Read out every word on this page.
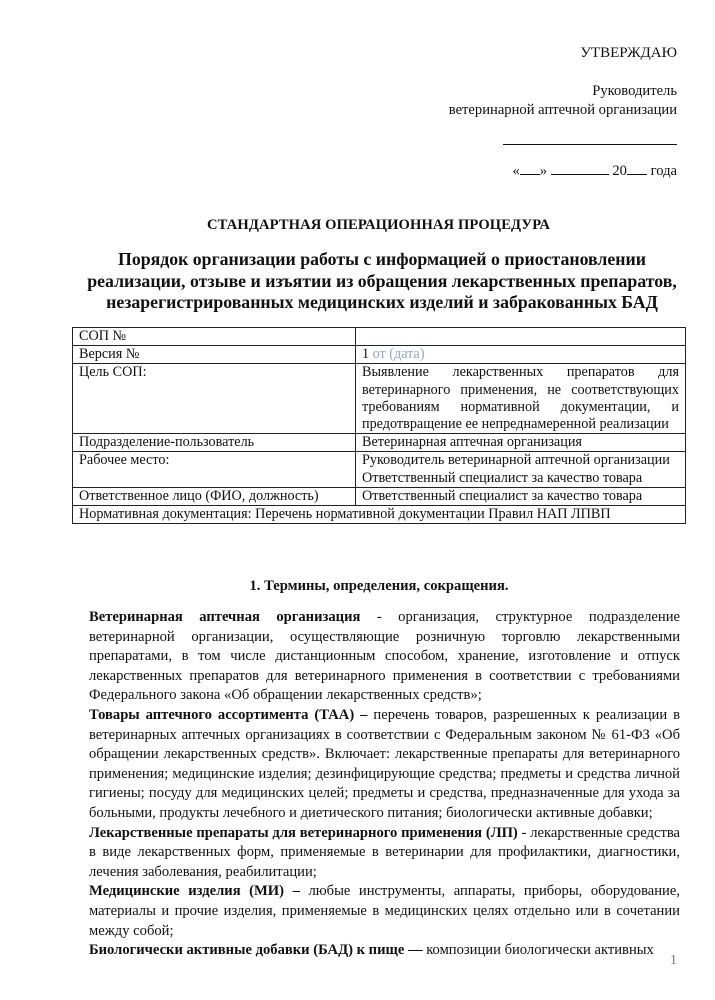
УТВЕРЖДАЮ
Руководитель
ветеринарной аптечной организации
« »	20 года
СТАНДАРТНАЯ ОПЕРАЦИОННАЯ ПРОЦЕДУРА
Порядок организации работы с информацией о приостановлении реализации, отзыве и изъятии из обращения лекарственных препаратов, незарегистрированных медицинских изделий и забракованных БАД
СОП №	
Версия №	1 от (дата)
Цель СОП:	Выявление лекарственных препаратов для ветеринарного применения, не соответствующих требованиям нормативной документации, и предотвращение ее непреднамеренной реализации
Подразделение-пользователь	Ветеринарная аптечная организация
Рабочее место:	Руководитель ветеринарной аптечной организации
Ответственный специалист за качество товара

Ответственное лицо (ФИО, должность)	Ответственный специалист за качество товара
Нормативная документация: Перечень нормативной документации Правил НАП ЛПВП	
1. Термины, определения, сокращения.

Ветеринарная аптечная организация - организация, структурное подразделение ветеринарной организации, осуществляющие розничную торговлю лекарственными препаратами, в том числе дистанционным способом, хранение, изготовление и отпуск лекарственных препаратов для ветеринарного применения в соответствии с требованиями Федерального закона «Об обращении лекарственных средств»;

Товары аптечного ассортимента (ТАА) – перечень товаров, разрешенных к реализации в ветеринарных аптечных организациях в соответствии с Федеральным законом № 61-ФЗ «Об обращении лекарственных средств». Включает: лекарственные препараты для ветеринарного применения; медицинские изделия; дезинфицирующие средства; предметы и средства личной гигиены; посуду для медицинских целей; предметы и средства, предназначенные для ухода за больными, продукты лечебного и диетического питания; биологически активные добавки;

Лекарственные препараты для ветеринарного применения (ЛП) - лекарственные средства в виде лекарственных форм, применяемые в ветеринарии для профилактики, диагностики, лечения заболевания, реабилитации;

Медицинские изделия (МИ) – любые инструменты, аппараты, приборы, оборудование, материалы и прочие изделия, применяемые в медицинских целях отдельно или в сочетании между собой;

Биологически активные добавки (БАД) к пище — композиции биологически активных

1
